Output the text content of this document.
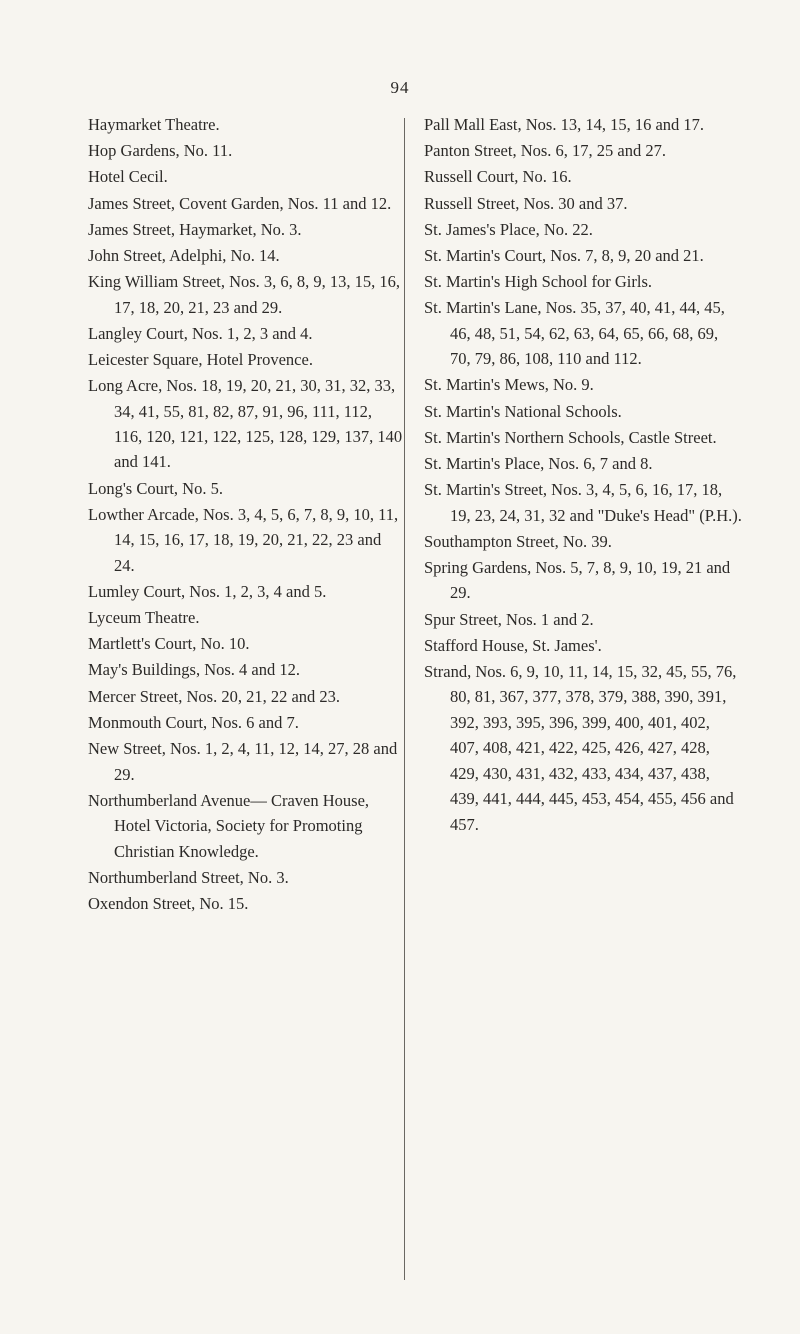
94

Haymarket Theatre.

Hop Gardens, No. 11.

Hotel Cecil.

James Street, Covent Garden, Nos. 11 and 12.

James Street, Haymarket, No. 3.

John Street, Adelphi, No. 14.

King William Street, Nos. 3, 6, 8, 9, 13, 15, 16, 17, 18, 20, 21, 23 and 29.

Langley Court, Nos. 1, 2, 3 and 4.

Leicester Square, Hotel Provence.

Long Acre, Nos. 18, 19, 20, 21, 30, 31, 32, 33, 34, 41, 55, 81, 82, 87, 91, 96, 111, 112, 116, 120, 121, 122, 125, 128, 129, 137, 140 and 141.

Long's Court, No. 5.

Lowther Arcade, Nos. 3, 4, 5, 6, 7, 8, 9, 10, 11, 14, 15, 16, 17, 18, 19, 20, 21, 22, 23 and 24.

Lumley Court, Nos. 1, 2, 3, 4 and 5.

Lyceum Theatre.

Martlett's Court, No. 10.

May's Buildings, Nos. 4 and 12.

Mercer Street, Nos. 20, 21, 22 and 23.

Monmouth Court, Nos. 6 and 7.

New Street, Nos. 1, 2, 4, 11, 12, 14, 27, 28 and 29.

Northumberland Avenue— Craven House, Hotel Victoria, Society for Promoting Christian Knowledge.

Northumberland Street, No. 3.

Oxendon Street, No. 15.

Pall Mall East, Nos. 13, 14, 15, 16 and 17.

Panton Street, Nos. 6, 17, 25 and 27.

Russell Court, No. 16.

Russell Street, Nos. 30 and 37.

St. James's Place, No. 22.

St. Martin's Court, Nos. 7, 8, 9, 20 and 21.

St. Martin's High School for Girls.

St. Martin's Lane, Nos. 35, 37, 40, 41, 44, 45, 46, 48, 51, 54, 62, 63, 64, 65, 66, 68, 69, 70, 79, 86, 108, 110 and 112.

St. Martin's Mews, No. 9.

St. Martin's National Schools.

St. Martin's Northern Schools, Castle Street.

St. Martin's Place, Nos. 6, 7 and 8.

St. Martin's Street, Nos. 3, 4, 5, 6, 16, 17, 18, 19, 23, 24, 31, 32 and "Duke's Head" (P.H.).

Southampton Street, No. 39.

Spring Gardens, Nos. 5, 7, 8, 9, 10, 19, 21 and 29.

Spur Street, Nos. 1 and 2.

Stafford House, St. James'.

Strand, Nos. 6, 9, 10, 11, 14, 15, 32, 45, 55, 76, 80, 81, 367, 377, 378, 379, 388, 390, 391, 392, 393, 395, 396, 399, 400, 401, 402, 407, 408, 421, 422, 425, 426, 427, 428, 429, 430, 431, 432, 433, 434, 437, 438, 439, 441, 444, 445, 453, 454, 455, 456 and 457.
